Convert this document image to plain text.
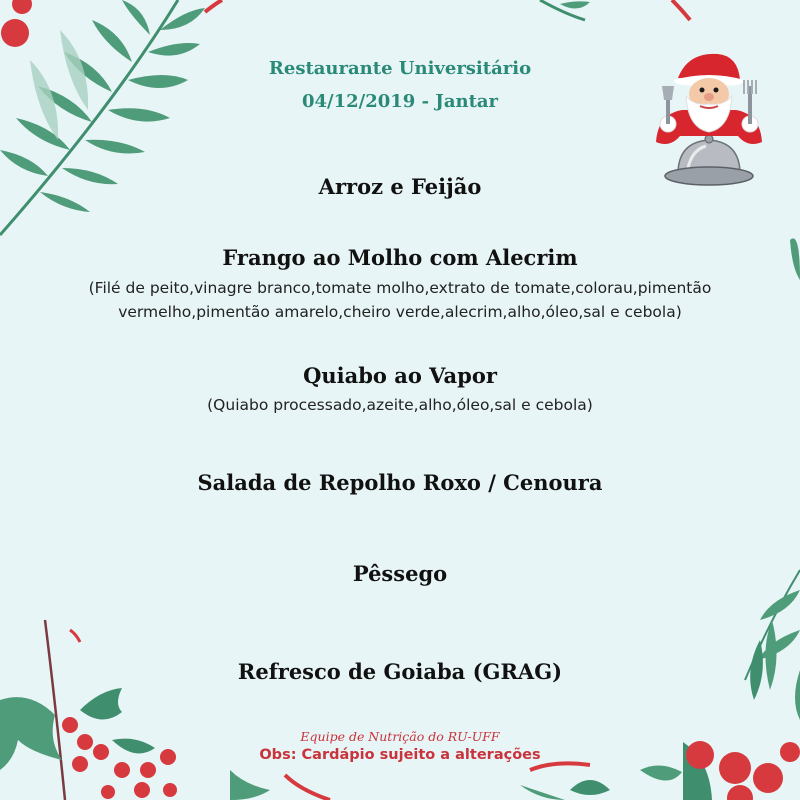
Restaurante Universitário
04/12/2019 - Jantar
Arroz e Feijão
Frango ao Molho com Alecrim
(Filé de peito,vinagre branco,tomate molho,extrato de tomate,colorau,pimentão
vermelho,pimentão amarelo,cheiro verde,alecrim,alho,óleo,sal e cebola)
Quiabo ao Vapor
(Quiabo processado,azeite,alho,óleo,sal e cebola)
Salada de Repolho Roxo / Cenoura
Pêssego
Refresco de Goiaba (GRAG)
Equipe de Nutrição do RU-UFF
Obs: Cardápio sujeito a alterações
